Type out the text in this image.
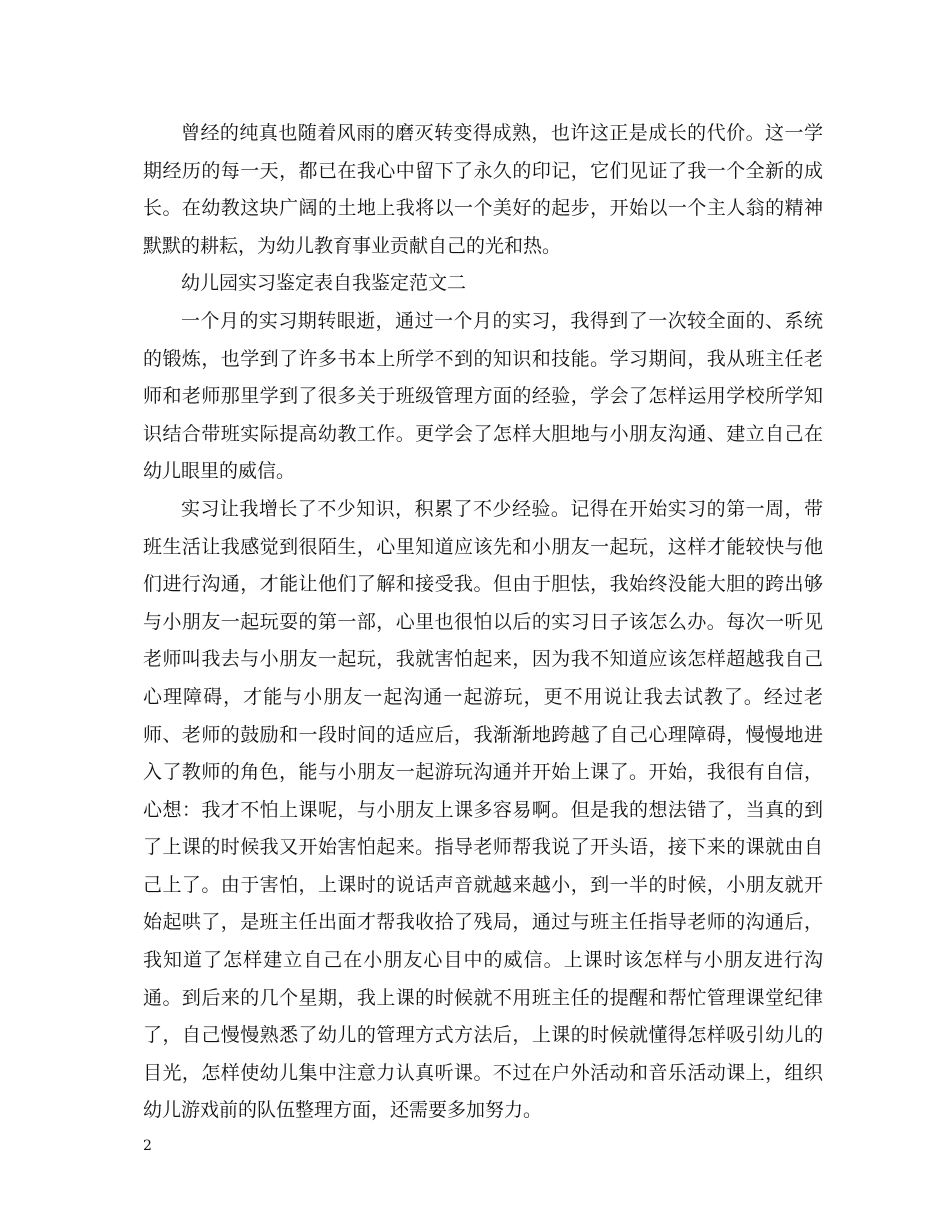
曾经的纯真也随着风雨的磨灭转变得成熟，也许这正是成长的代价。这一学期经历的每一天，都已在我心中留下了永久的印记，它们见证了我一个全新的成长。在幼教这块广阔的土地上我将以一个美好的起步，开始以一个主人翁的精神默默的耕耘，为幼儿教育事业贡献自己的光和热。

幼儿园实习鉴定表自我鉴定范文二

一个月的实习期转眼逝，通过一个月的实习，我得到了一次较全面的、系统的锻炼，也学到了许多书本上所学不到的知识和技能。学习期间，我从班主任老师和老师那里学到了很多关于班级管理方面的经验，学会了怎样运用学校所学知识结合带班实际提高幼教工作。更学会了怎样大胆地与小朋友沟通、建立自己在幼儿眼里的威信。

实习让我增长了不少知识，积累了不少经验。记得在开始实习的第一周，带班生活让我感觉到很陌生，心里知道应该先和小朋友一起玩，这样才能较快与他们进行沟通，才能让他们了解和接受我。但由于胆怯，我始终没能大胆的跨出够与小朋友一起玩耍的第一部，心里也很怕以后的实习日子该怎么办。每次一听见老师叫我去与小朋友一起玩，我就害怕起来，因为我不知道应该怎样超越我自己心理障碍，才能与小朋友一起沟通一起游玩，更不用说让我去试教了。经过老师、老师的鼓励和一段时间的适应后，我渐渐地跨越了自己心理障碍，慢慢地进入了教师的角色，能与小朋友一起游玩沟通并开始上课了。开始，我很有自信，心想：我才不怕上课呢，与小朋友上课多容易啊。但是我的想法错了，当真的到了上课的时候我又开始害怕起来。指导老师帮我说了开头语，接下来的课就由自己上了。由于害怕，上课时的说话声音就越来越小，到一半的时候，小朋友就开始起哄了，是班主任出面才帮我收拾了残局，通过与班主任指导老师的沟通后，我知道了怎样建立自己在小朋友心目中的威信。上课时该怎样与小朋友进行沟通。到后来的几个星期，我上课的时候就不用班主任的提醒和帮忙管理课堂纪律了，自己慢慢熟悉了幼儿的管理方式方法后，上课的时候就懂得怎样吸引幼儿的目光，怎样使幼儿集中注意力认真听课。不过在户外活动和音乐活动课上，组织幼儿游戏前的队伍整理方面，还需要多加努力。

2
